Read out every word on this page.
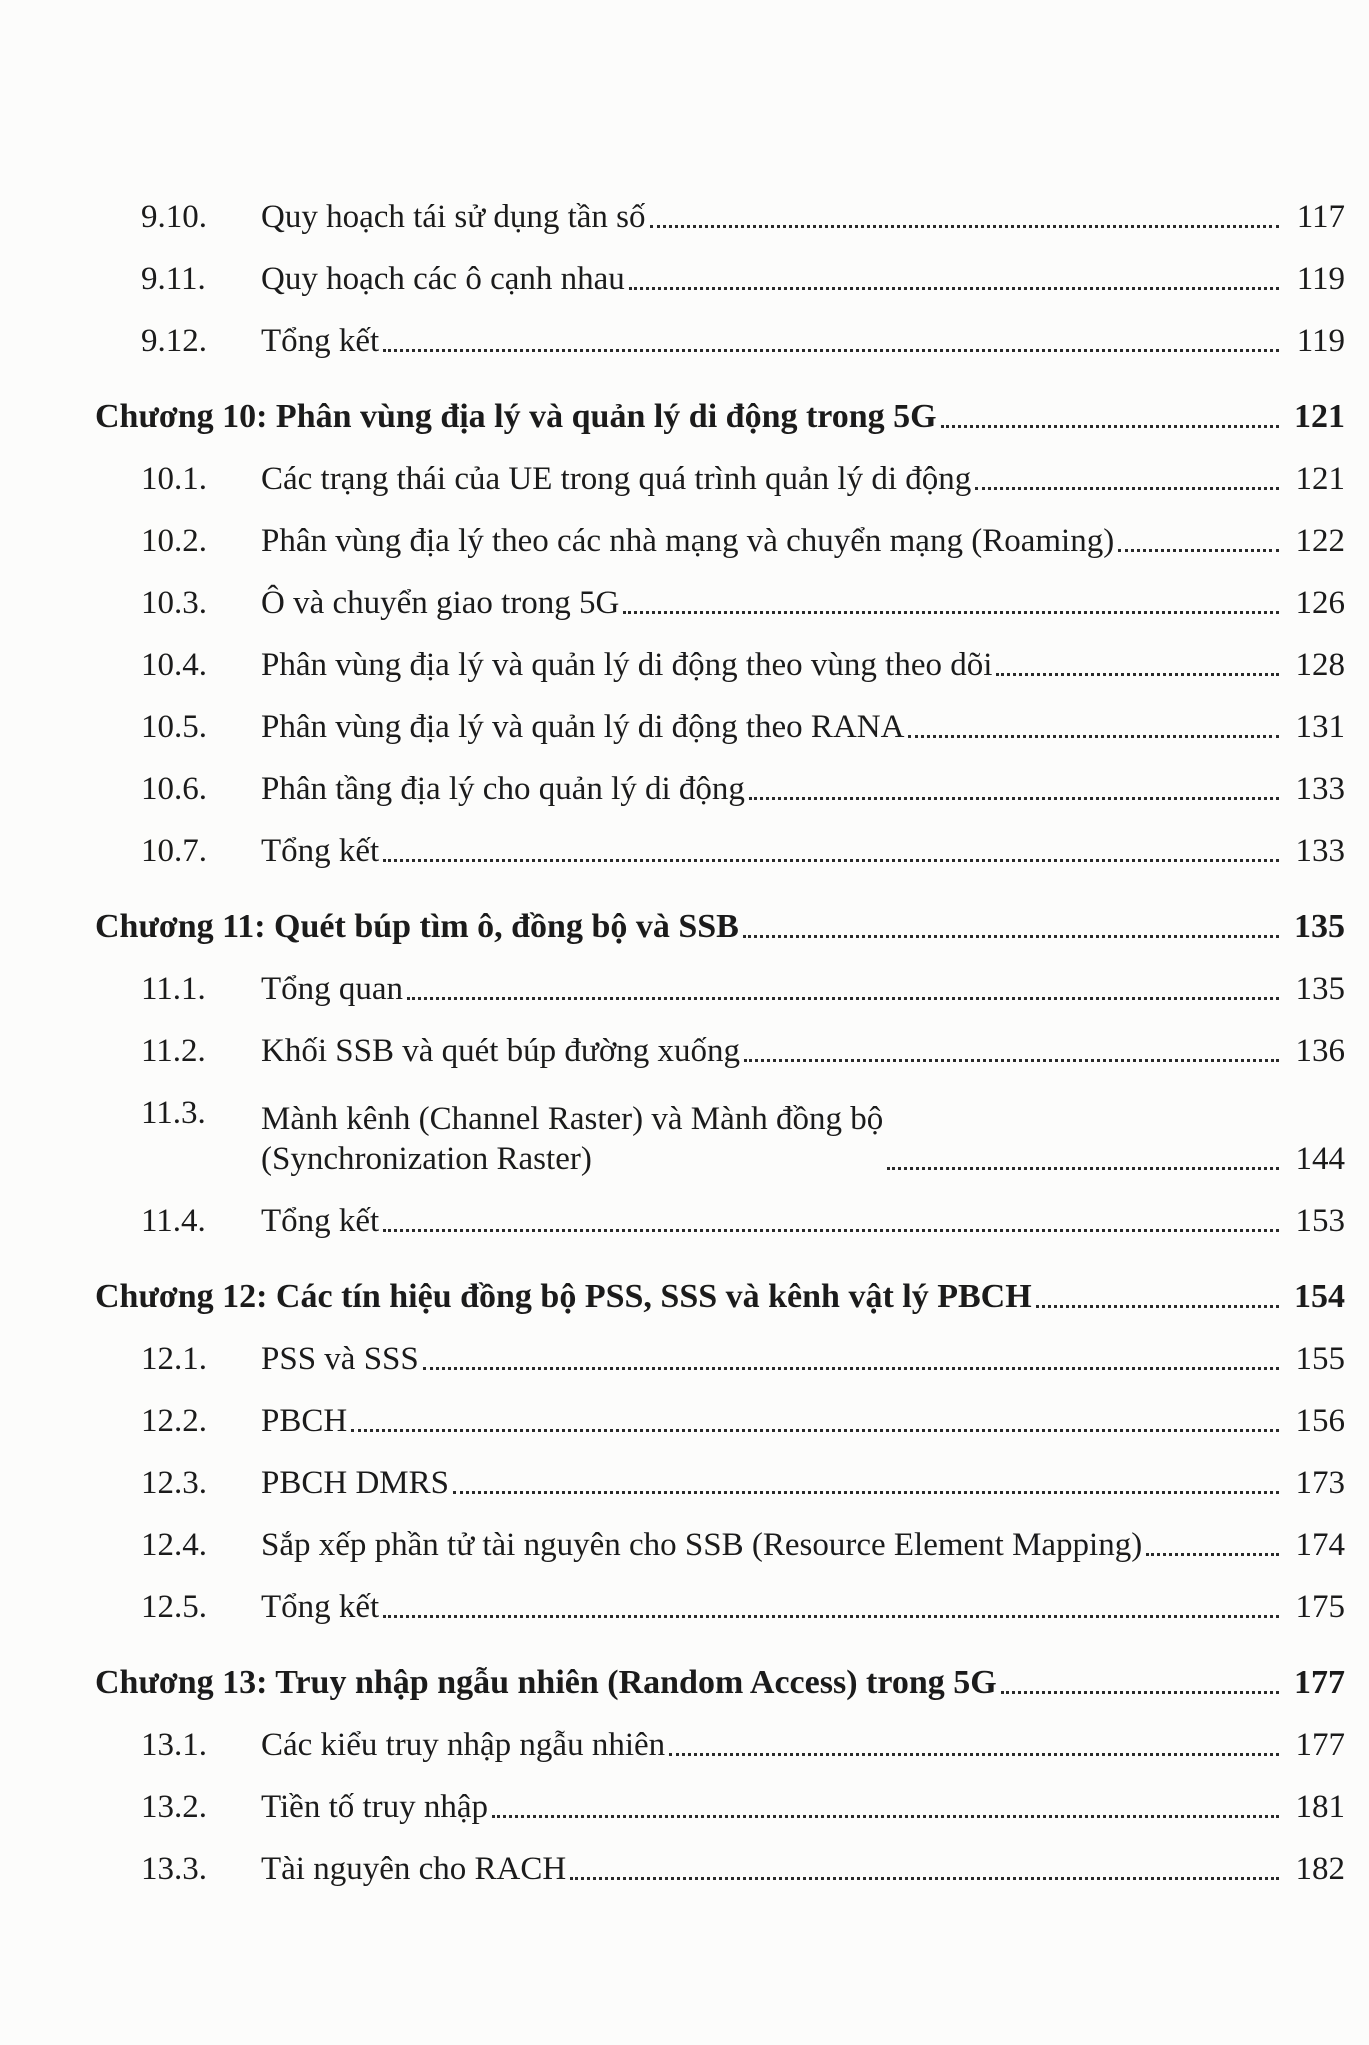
9.10.	Quy hoạch tái sử dụng tần số	117
9.11.	Quy hoạch các ô cạnh nhau	119
9.12.	Tổng kết	119
Chương 10: Phân vùng địa lý và quản lý di động trong 5G	121
10.1.	Các trạng thái của UE trong quá trình quản lý di động	121
10.2.	Phân vùng địa lý theo các nhà mạng và chuyển mạng (Roaming)	122
10.3.	Ô và chuyển giao trong 5G	126
10.4.	Phân vùng địa lý và quản lý di động theo vùng theo dõi	128
10.5.	Phân vùng địa lý và quản lý di động theo RANA	131
10.6.	Phân tầng địa lý cho quản lý di động	133
10.7.	Tổng kết	133
Chương 11: Quét búp tìm ô, đồng bộ và SSB	135
11.1.	Tổng quan	135
11.2.	Khối SSB và quét búp đường xuống	136
11.3.	Mành kênh (Channel Raster) và Mành đồng bộ
(Synchronization Raster)	144
11.4.	Tổng kết	153
Chương 12: Các tín hiệu đồng bộ PSS, SSS và kênh vật lý PBCH	154
12.1.	PSS và SSS	155
12.2.	PBCH	156
12.3.	PBCH DMRS	173
12.4.	Sắp xếp phần tử tài nguyên cho SSB (Resource Element Mapping)	174
12.5.	Tổng kết	175
Chương 13: Truy nhập ngẫu nhiên (Random Access) trong 5G	177
13.1.	Các kiểu truy nhập ngẫu nhiên	177
13.2.	Tiền tố truy nhập	181
13.3.	Tài nguyên cho RACH	182
